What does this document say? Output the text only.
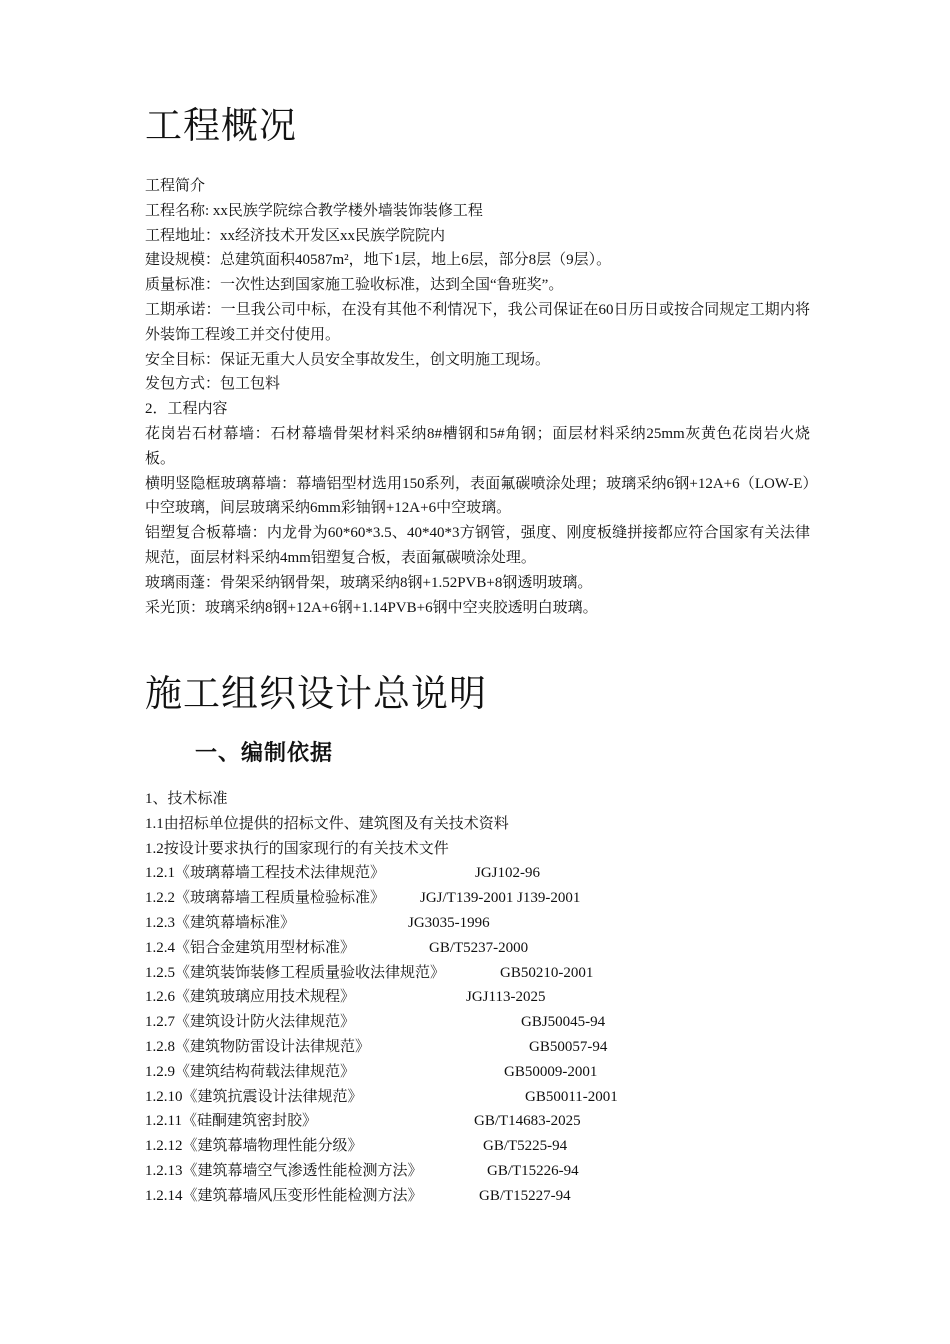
工程概况

工程简介

工程名称: xx民族学院综合教学楼外墙装饰装修工程

工程地址：xx经济技术开发区xx民族学院院内

建设规模：总建筑面积40587m²，地下1层，地上6层，部分8层（9层）。

质量标准：一次性达到国家施工验收标准，达到全国“鲁班奖”。

工期承诺：一旦我公司中标，在没有其他不利情况下，我公司保证在60日历日或按合同规定工期内将外装饰工程竣工并交付使用。

安全目标：保证无重大人员安全事故发生，创文明施工现场。

发包方式：包工包料

2．工程内容

花岗岩石材幕墙：石材幕墙骨架材料采纳8#槽钢和5#角钢；面层材料采纳25mm灰黄色花岗岩火烧板。

横明竖隐框玻璃幕墙：幕墙铝型材选用150系列，表面氟碳喷涂处理；玻璃采纳6钢+12A+6（LOW-E）中空玻璃，间层玻璃采纳6mm彩铀钢+12A+6中空玻璃。

铝塑复合板幕墙：内龙骨为60*60*3.5、40*40*3方钢管，强度、刚度板缝拼接都应符合国家有关法律规范，面层材料采纳4mm铝塑复合板，表面氟碳喷涂处理。

玻璃雨蓬：骨架采纳钢骨架，玻璃采纳8钢+1.52PVB+8钢透明玻璃。

采光顶：玻璃采纳8钢+12A+6钢+1.14PVB+6钢中空夹胶透明白玻璃。

施工组织设计总说明
一、编制依据

1、技术标准

1.1由招标单位提供的招标文件、建筑图及有关技术资料

1.2按设计要求执行的国家现行的有关技术文件

1.2.1《玻璃幕墙工程技术法律规范》	JGJ102-96
1.2.2《玻璃幕墙工程质量检验标准》 JGJ/T139-2001 J139-2001
1.2.3《建筑幕墙标准》	JG3035-1996
1.2.4《铝合金建筑用型材标准》	GB/T5237-2000
1.2.5《建筑装饰装修工程质量验收法律规范》	GB50210-2001
1.2.6《建筑玻璃应用技术规程》	JGJ113-2025
1.2.7《建筑设计防火法律规范》	GBJ50045-94
1.2.8《建筑物防雷设计法律规范》	GB50057-94
1.2.9《建筑结构荷载法律规范》	GB50009-2001
1.2.10《建筑抗震设计法律规范》	GB50011-2001
1.2.11《硅酮建筑密封胶》	GB/T14683-2025
1.2.12《建筑幕墙物理性能分级》	GB/T5225-94
1.2.13《建筑幕墙空气渗透性能检测方法》	GB/T15226-94
1.2.14《建筑幕墙风压变形性能检测方法》	GB/T15227-94
